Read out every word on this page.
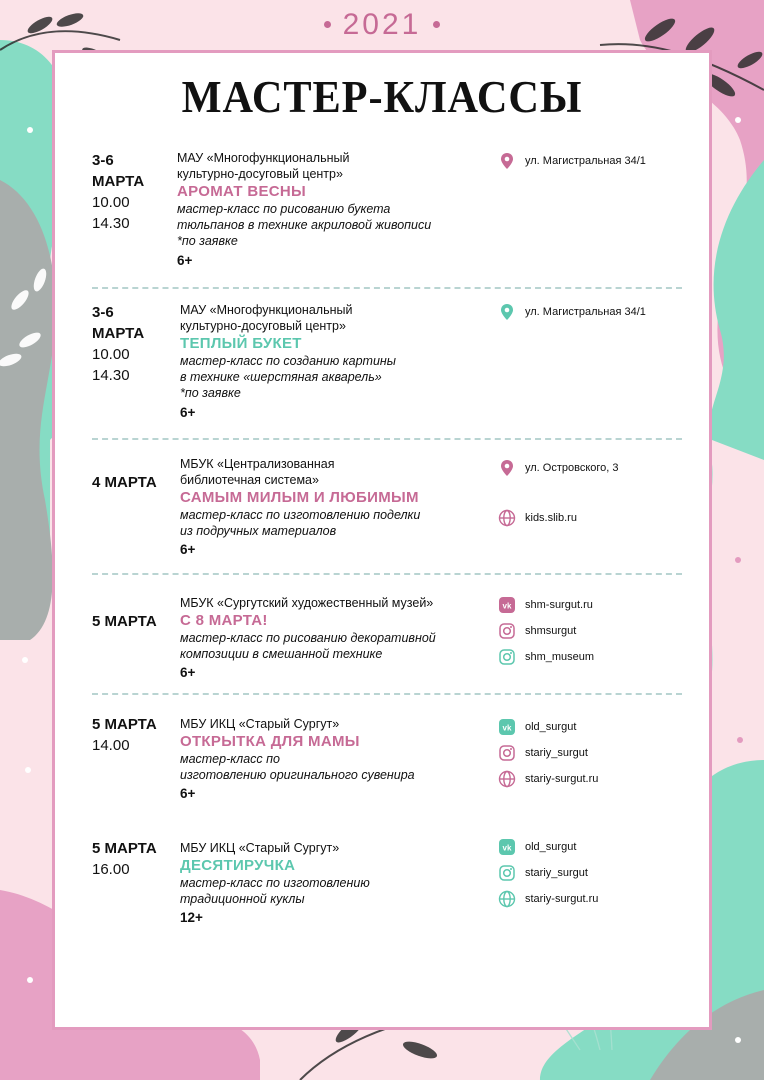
2021
МАСТЕР-КЛАССЫ
3-6
МАРТА
10.00
14.30
МАУ «Многофункциональный
культурно-досуговый центр»
АРОМАТ ВЕСНЫ
мастер-класс по рисованию букета
тюльпанов в технике акриловой живописи
*по заявке
6+
ул. Магистральная 34/1
3-6
МАРТА
10.00
14.30
МАУ «Многофункциональный
культурно-досуговый центр»
ТЕПЛЫЙ БУКЕТ
мастер-класс по созданию картины
в технике «шерстяная акварель»
*по заявке
6+
ул. Магистральная 34/1
4 МАРТА
МБУК «Централизованная
библиотечная система»
САМЫМ МИЛЫМ И ЛЮБИМЫМ
мастер-класс по изготовлению поделки
из подручных материалов
6+
ул. Островского, 3
kids.slib.ru
5 МАРТА
МБУК «Сургутский художественный музей»
С 8 МАРТА!
мастер-класс по рисованию декоративной
композиции в смешанной технике
6+
shm-surgut.ru
shmsurgut
shm_museum
5 МАРТА
14.00
МБУ ИКЦ «Старый Сургут»
ОТКРЫТКА ДЛЯ МАМЫ
мастер-класс по
изготовлению оригинального сувенира
6+
old_surgut
stariy_surgut
stariy-surgut.ru
5 МАРТА
16.00
МБУ ИКЦ «Старый Сургут»
ДЕСЯТИРУЧКА
мастер-класс по изготовлению
традиционной куклы
12+
old_surgut
stariy_surgut
stariy-surgut.ru
